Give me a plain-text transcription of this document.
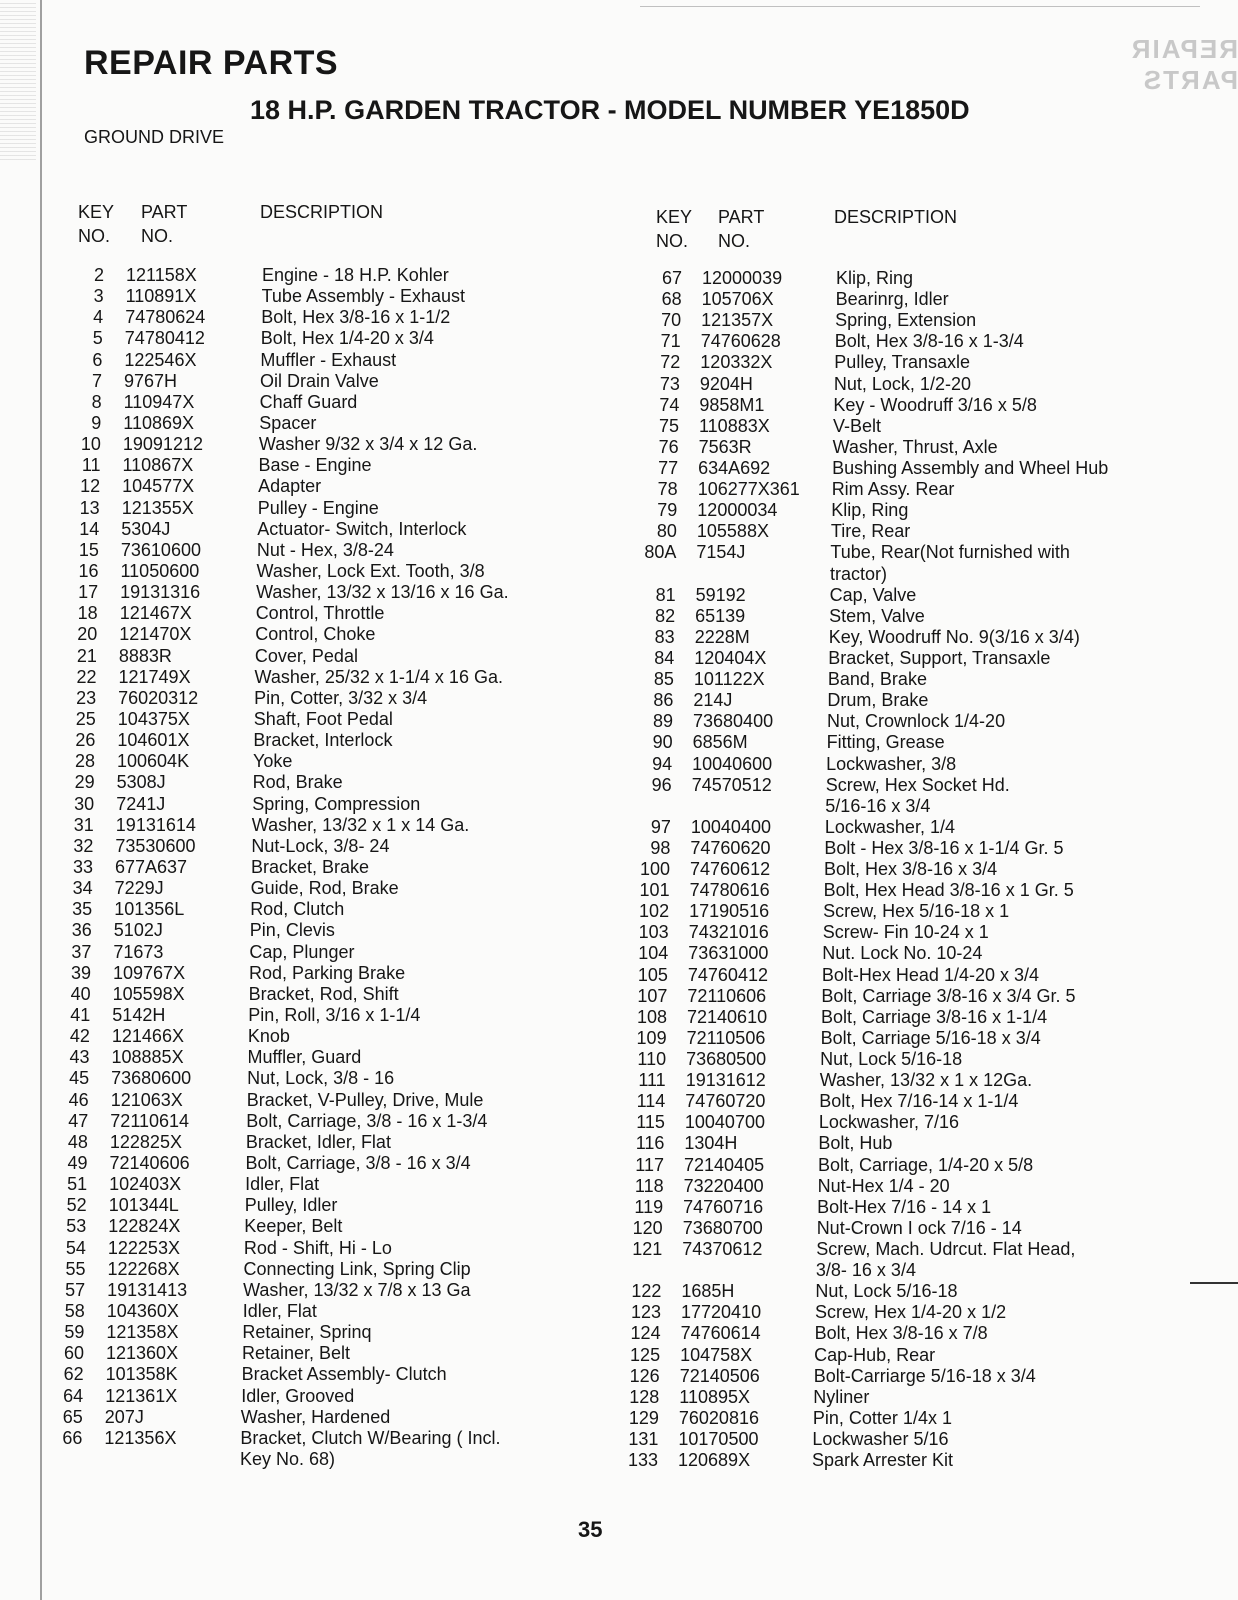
REPAIR PARTS	REPAIR PARTS
18 H.P. GARDEN TRACTOR - MODEL NUMBER YE1850D
GROUND DRIVE
KEY
NO.
PART
NO.
DESCRIPTION	KEY
NO.
PART
NO.
DESCRIPTION
2 121158X	Engine - 18 H.P. Kohler
3 110891X	Tube Assembly - Exhaust
4 74780624	Bolt, Hex 3/8-16 x 1-1/2
5 74780412	Bolt, Hex 1/4-20 x 3/4
6 122546X	Muffler - Exhaust
7 9767H	Oil Drain Valve
8 110947X	Chaff Guard
9 110869X	Spacer
10 19091212	Washer 9/32 x 3/4 x 12 Ga.
11 110867X	Base - Engine
12 104577X	Adapter
13 121355X	Pulley - Engine
14 5304J	Actuator- Switch, Interlock
15 73610600	Nut - Hex, 3/8-24
16 11050600	Washer, Lock Ext. Tooth, 3/8
17 19131316	Washer, 13/32 x 13/16 x 16 Ga.
18 121467X	Control, Throttle
20 121470X	Control, Choke
21 8883R	Cover, Pedal
22 121749X	Washer, 25/32 x 1-1/4 x 16 Ga.
23 76020312	Pin, Cotter, 3/32 x 3/4
25 104375X	Shaft, Foot Pedal
26 104601X	Bracket, Interlock
28 100604K	Yoke
29 5308J	Rod, Brake
30 7241J	Spring, Compression
31 19131614	Washer, 13/32 x 1 x 14 Ga.
32 73530600	Nut-Lock, 3/8- 24
33 677A637	Bracket, Brake
34 7229J	Guide, Rod, Brake
35 101356L	Rod, Clutch
36 5102J	Pin, Clevis
37 71673	Cap, Plunger
39 109767X	Rod, Parking Brake
40 105598X	Bracket, Rod, Shift
41 5142H	Pin, Roll, 3/16 x 1-1/4
42 121466X	Knob
43 108885X	Muffler, Guard
45 73680600	Nut, Lock, 3/8 - 16
46 121063X	Bracket, V-Pulley, Drive, Mule
47 72110614	Bolt, Carriage, 3/8 - 16 x 1-3/4
48 122825X	Bracket, Idler, Flat
49 72140606	Bolt, Carriage, 3/8 - 16 x 3/4
51 102403X	Idler, Flat
52 101344L	Pulley, Idler
53 122824X	Keeper, Belt
54 122253X	Rod - Shift, Hi - Lo
55 122268X	Connecting Link, Spring Clip
57 19131413	Washer, 13/32 x 7/8 x 13 Ga
58 104360X	Idler, Flat
59 121358X	Retainer, Sprinq
60 121360X	Retainer, Belt
62 101358K	Bracket Assembly- Clutch
64 121361X	Idler, Grooved
65 207J	Washer, Hardened
66 121356X	Bracket, Clutch W/Bearing ( Incl.
Key No. 68)
67 12000039	Klip, Ring
68 105706X	Bearinrg, Idler
70 121357X	Spring, Extension
71 74760628	Bolt, Hex 3/8-16 x 1-3/4
72 120332X	Pulley, Transaxle
73 9204H	Nut, Lock, 1/2-20
74 9858M1	Key - Woodruff 3/16 x 5/8
75 110883X	V-Belt
76 7563R	Washer, Thrust, Axle
77 634A692	Bushing Assembly and Wheel Hub
78 106277X361 Rim Assy. Rear
79 12000034	Klip, Ring
80 105588X	Tire, Rear
80A 7154J	Tube, Rear(Not furnished with
tractor)
81 59192	Cap, Valve
82 65139	Stem, Valve
83 2228M	Key, Woodruff No. 9(3/16 x 3/4)
84 120404X	Bracket, Support, Transaxle
85 101122X	Band, Brake
86 214J	Drum, Brake
89 73680400	Nut, Crownlock 1/4-20
90 6856M	Fitting, Grease
94 10040600	Lockwasher, 3/8
96 74570512	Screw, Hex Socket Hd.
5/16-16 x 3/4
97 10040400	Lockwasher, 1/4
98 74760620	Bolt - Hex 3/8-16 x 1-1/4 Gr. 5
100 74760612	Bolt, Hex 3/8-16 x 3/4
101 74780616	Bolt, Hex Head 3/8-16 x 1 Gr. 5
102 17190516	Screw, Hex 5/16-18 x 1
103 74321016	Screw- Fin 10-24 x 1
104 73631000	Nut. Lock No. 10-24
105 74760412	Bolt-Hex Head 1/4-20 x 3/4
107 72110606	Bolt, Carriage 3/8-16 x 3/4 Gr. 5
108 72140610	Bolt, Carriage 3/8-16 x 1-1/4
109 72110506	Bolt, Carriage 5/16-18 x 3/4
110 73680500	Nut, Lock 5/16-18
111 19131612	Washer, 13/32 x 1 x 12Ga.
114 74760720	Bolt, Hex 7/16-14 x 1-1/4
115 10040700	Lockwasher, 7/16
116 1304H	Bolt, Hub
117 72140405	Bolt, Carriage, 1/4-20 x 5/8
118 73220400	Nut-Hex 1/4 - 20
119 74760716	Bolt-Hex 7/16 - 14 x 1
120 73680700	Nut-Crown I ock 7/16 - 14
121 74370612	Screw, Mach. Udrcut. Flat Head,
3/8- 16 x 3/4
122 1685H	Nut, Lock 5/16-18
123 17720410	Screw, Hex 1/4-20 x 1/2
124 74760614	Bolt, Hex 3/8-16 x 7/8
125 104758X	Cap-Hub, Rear
126 72140506	Bolt-Carriarge 5/16-18 x 3/4
128 110895X	Nyliner
129 76020816	Pin, Cotter 1/4x 1
131 10170500	Lockwasher 5/16
133 120689X	Spark Arrester Kit
35
